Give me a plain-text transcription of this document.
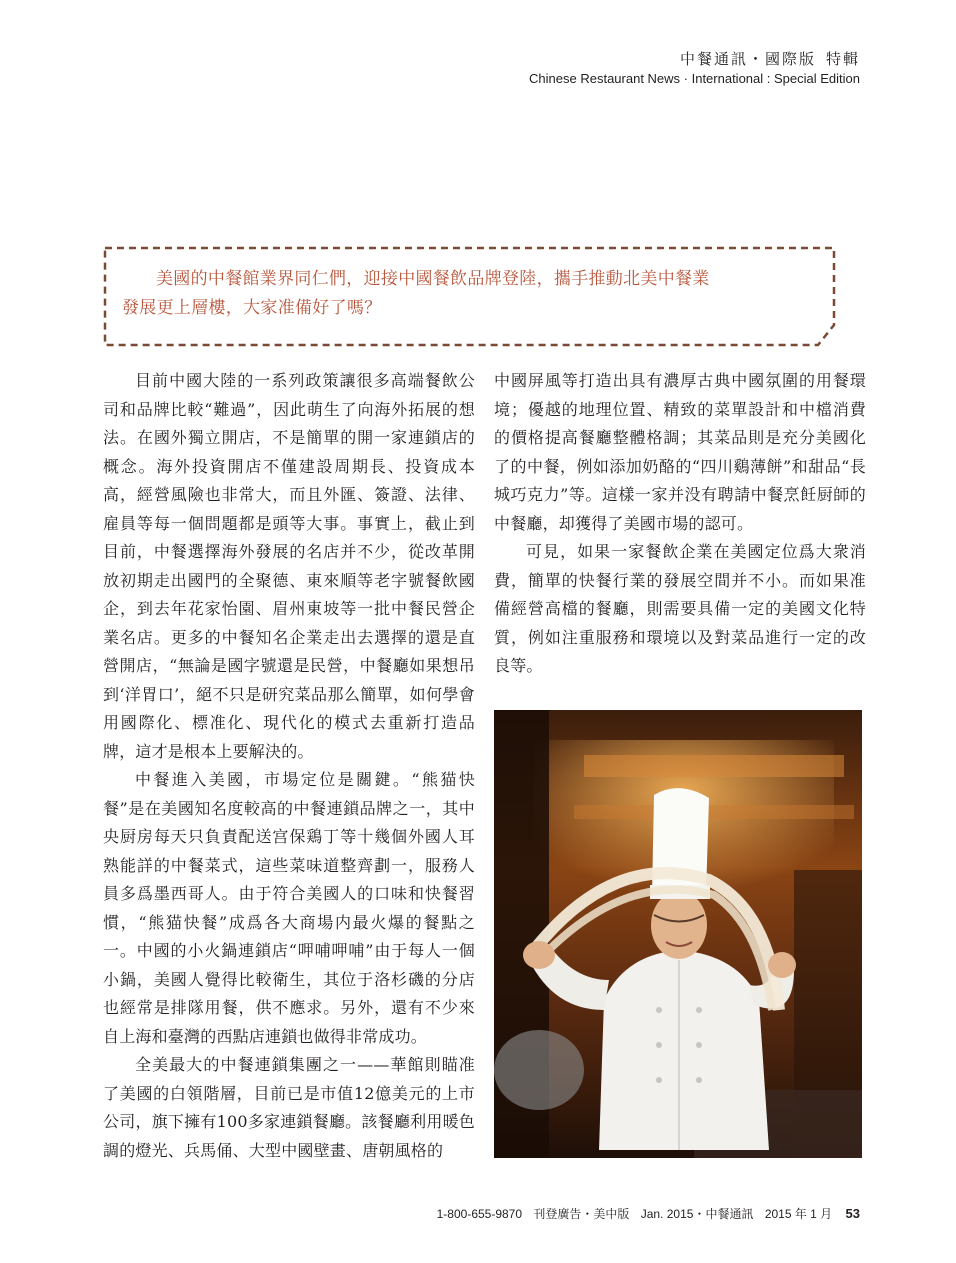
中餐通訊・國際版 特輯
Chinese Restaurant News · International : Special Edition
美國的中餐館業界同仁們，迎接中國餐飲品牌登陸，攜手推動北美中餐業
發展更上層樓，大家准備好了嗎？

目前中國大陸的一系列政策讓很多高端餐飲公司和品牌比較“難過”，因此萌生了向海外拓展的想法。在國外獨立開店，不是簡單的開一家連鎖店的概念。海外投資開店不僅建設周期長、投資成本高，經營風險也非常大，而且外匯、簽證、法律、雇員等每一個問題都是頭等大事。事實上，截止到目前，中餐選擇海外發展的名店并不少，從改革開放初期走出國門的全聚德、東來順等老字號餐飲國企，到去年花家怡園、眉州東坡等一批中餐民營企業名店。更多的中餐知名企業走出去選擇的還是直營開店，“無論是國字號還是民營，中餐廳如果想吊到‘洋胃口’，絕不只是研究菜品那么簡單，如何學會用國際化、標准化、現代化的模式去重新打造品牌，這才是根本上要解決的。

中餐進入美國，市場定位是關鍵。“熊猫快餐”是在美國知名度較高的中餐連鎖品牌之一，其中央厨房每天只負責配送宫保鶏丁等十幾個外國人耳熟能詳的中餐菜式，這些菜味道整齊劃一，服務人員多爲墨西哥人。由于符合美國人的口味和快餐習慣，“熊猫快餐”成爲各大商場内最火爆的餐點之一。中國的小火鍋連鎖店“呷哺呷哺”由于每人一個小鍋，美國人覺得比較衛生，其位于洛杉磯的分店也經常是排隊用餐，供不應求。另外，還有不少來自上海和臺灣的西點店連鎖也做得非常成功。

全美最大的中餐連鎖集團之一——華館則瞄准了美國的白領階層，目前已是市值12億美元的上市公司，旗下擁有100多家連鎖餐廳。該餐廳利用暖色調的燈光、兵馬俑、大型中國壁畫、唐朝風格的

中國屏風等打造出具有濃厚古典中國氛圍的用餐環境；優越的地理位置、精致的菜單設計和中檔消費的價格提高餐廳整體格調；其菜品則是充分美國化了的中餐，例如添加奶酪的“四川鷄薄餅”和甜品“長城巧克力”等。這樣一家并没有聘請中餐烹飪厨師的中餐廳，却獲得了美國市場的認可。

可見，如果一家餐飲企業在美國定位爲大衆消費，簡單的快餐行業的發展空間并不小。而如果准備經營高檔的餐廳，則需要具備一定的美國文化特質，例如注重服務和環境以及對菜品進行一定的改良等。

1-800-655-9870 刊登廣告・美中版 Jan. 2015・中餐通訊 2015 年 1 月 53
